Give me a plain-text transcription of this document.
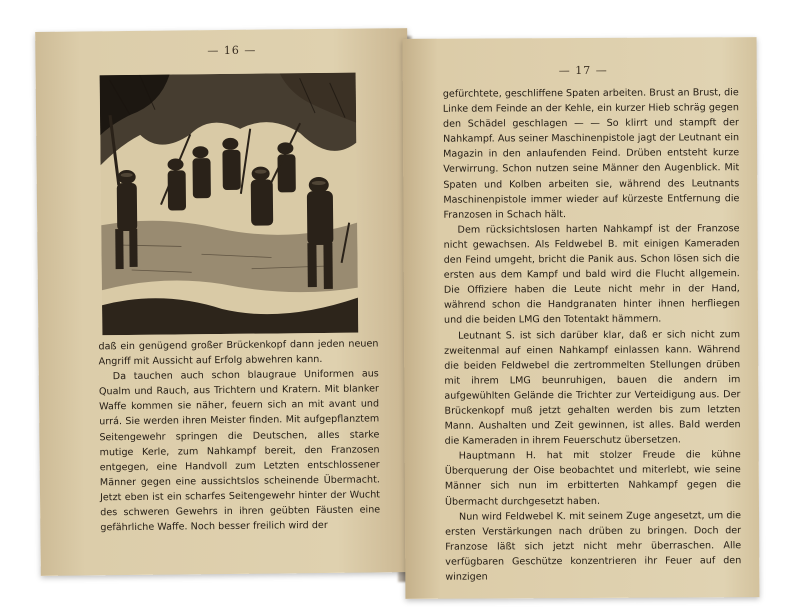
— 16 —

daß ein genügend großer Brückenkopf dann jeden neuen Angriff mit Aussicht auf Erfolg abwehren kann.

Da tauchen auch schon blaugraue Uniformen aus Qualm und Rauch, aus Trichtern und Kratern. Mit blanker Waffe kommen sie näher, feuern sich an mit avant und urrá. Sie werden ihren Meister finden. Mit aufgepflanztem Seitengewehr springen die Deutschen, alles starke mutige Kerle, zum Nahkampf bereit, den Franzosen entgegen, eine Handvoll zum Letzten entschlossener Männer gegen eine aussichtslos scheinende Übermacht. Jetzt eben ist ein scharfes Seitengewehr hinter der Wucht des schweren Gewehrs in ihren geübten Fäusten eine gefährliche Waffe. Noch besser freilich wird der

— 17 —

gefürchtete, geschliffene Spaten arbeiten. Brust an Brust, die Linke dem Feinde an der Kehle, ein kurzer Hieb schräg gegen den Schädel geschlagen — — So klirrt und stampft der Nahkampf. Aus seiner Maschinenpistole jagt der Leutnant ein Magazin in den anlaufenden Feind. Drüben entsteht kurze Verwirrung. Schon nutzen seine Männer den Augenblick. Mit Spaten und Kolben arbeiten sie, während des Leutnants Maschinenpistole immer wieder auf kürzeste Entfernung die Franzosen in Schach hält.

Dem rücksichtslosen harten Nahkampf ist der Franzose nicht gewachsen. Als Feldwebel B. mit einigen Kameraden den Feind umgeht, bricht die Panik aus. Schon lösen sich die ersten aus dem Kampf und bald wird die Flucht allgemein. Die Offiziere haben die Leute nicht mehr in der Hand, während schon die Handgranaten hinter ihnen herfliegen und die beiden LMG den Totentakt hämmern.

Leutnant S. ist sich darüber klar, daß er sich nicht zum zweitenmal auf einen Nahkampf einlassen kann. Während die beiden Feldwebel die zertrommelten Stellungen drüben mit ihrem LMG beunruhigen, bauen die andern im aufgewühlten Gelände die Trichter zur Verteidigung aus. Der Brückenkopf muß jetzt gehalten werden bis zum letzten Mann. Aushalten und Zeit gewinnen, ist alles. Bald werden die Kameraden in ihrem Feuerschutz übersetzen.

Hauptmann H. hat mit stolzer Freude die kühne Überquerung der Oise beobachtet und miterlebt, wie seine Männer sich nun im erbitterten Nahkampf gegen die Übermacht durchgesetzt haben.

Nun wird Feldwebel K. mit seinem Zuge angesetzt, um die ersten Verstärkungen nach drüben zu bringen. Doch der Franzose läßt sich jetzt nicht mehr überraschen. Alle verfügbaren Geschütze konzentrieren ihr Feuer auf den winzigen
